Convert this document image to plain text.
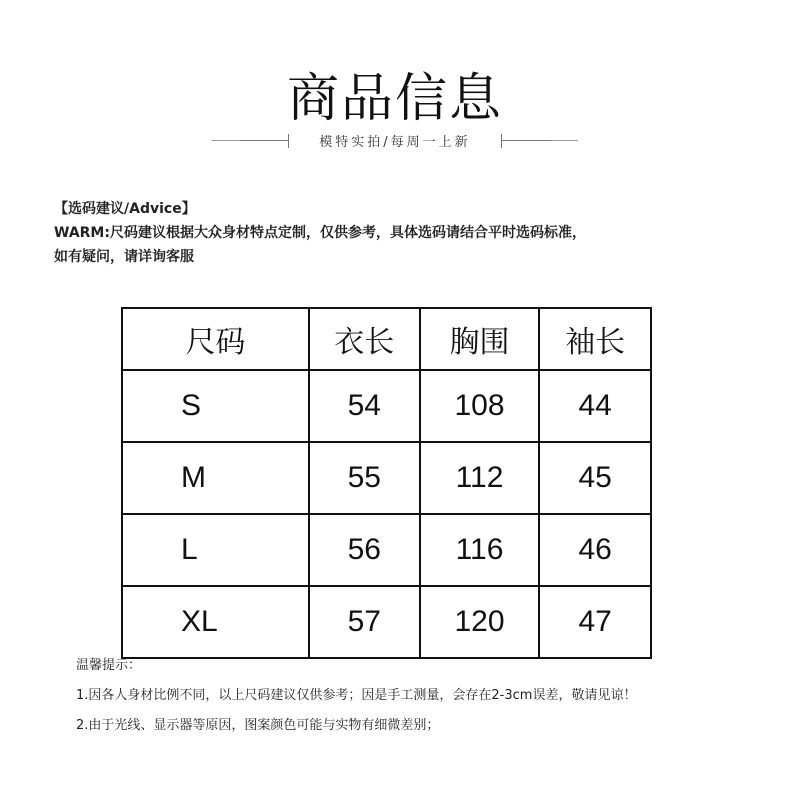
商品信息
模特实拍/每周一上新
【选码建议/Advice】
WARM:尺码建议根据大众身材特点定制，仅供参考，具体选码请结合平时选码标准，
如有疑问，请详询客服
尺码	衣长	胸围	袖长
S	54	108	44
M	55	112	45
L	56	116	46
XL	57	120	47
温馨提示：
1.因各人身材比例不同，以上尺码建议仅供参考；因是手工测量，会存在2-3cm误差，敬请见谅！
2.由于光线、显示器等原因，图案颜色可能与实物有细微差别；
